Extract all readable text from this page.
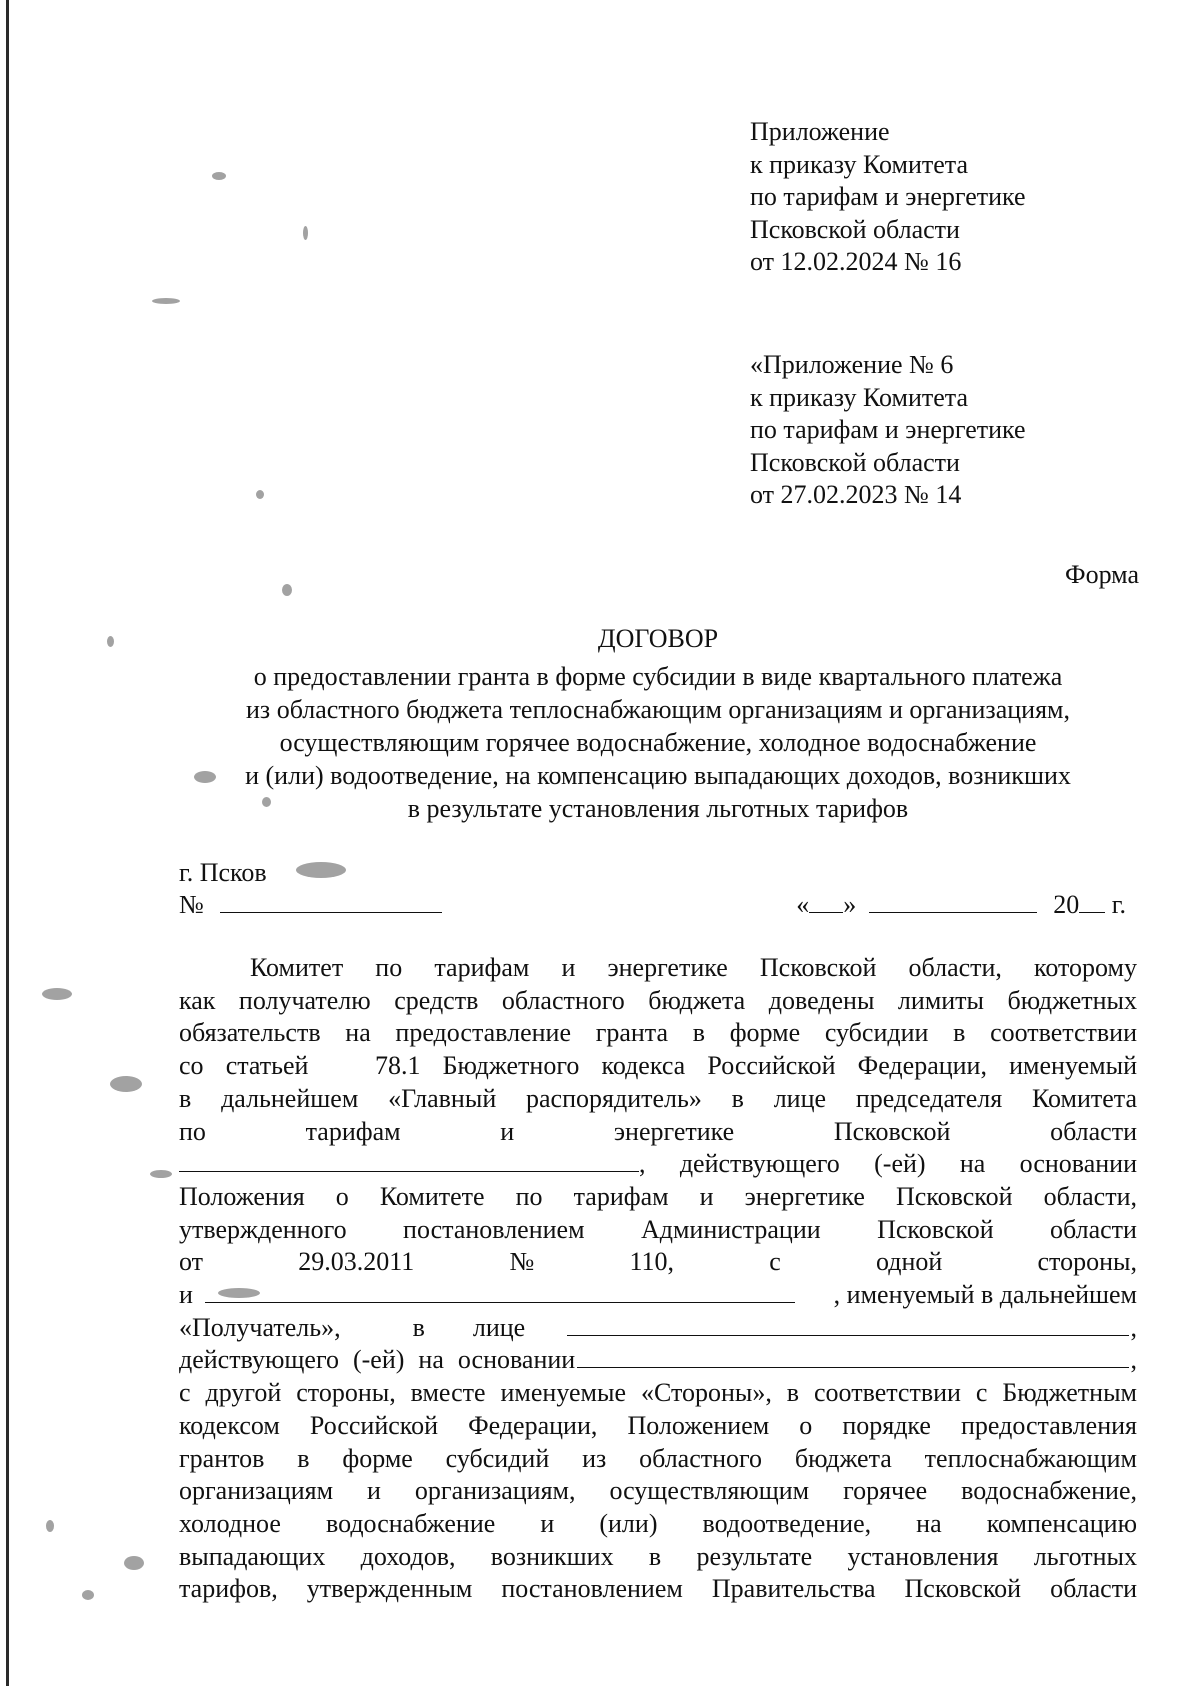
Приложение
к приказу Комитета
по тарифам и энергетике
Псковской области
от 12.02.2024 № 16
«Приложение № 6
к приказу Комитета
по тарифам и энергетике
Псковской области
от 27.02.2023 № 14
Форма
ДОГОВОР
о предоставлении гранта в форме субсидии в виде квартального платежа
из областного бюджета теплоснабжающим организациям и организациям,
осуществляющим горячее водоснабжение, холодное водоснабжение
и (или) водоотведение, на компенсацию выпадающих доходов, возникших
в результате установления льготных тарифов
г. Псков
№	« »	20 г.
Комитет по тарифам и энергетике Псковской области, которому
как получателю средств областного бюджета доведены лимиты бюджетных
обязательств на предоставление гранта в форме субсидии в соответствии
со статьей   78.1 Бюджетного кодекса Российской Федерации, именуемый
в дальнейшем «Главный распорядитель» в лице председателя Комитета
по	тарифам	и	энергетике	Псковской	области
, действующего (-ей) на основании
Положения о Комитете по тарифам и энергетике Псковской области,
утвержденного постановлением Администрации Псковской области
от	29.03.2011	№	110,	с	одной	стороны,
и	, именуемый в дальнейшем
«Получатель»,	в лице	,
действующего (-ей) на основании	,
с другой стороны, вместе именуемые «Стороны», в соответствии с Бюджетным
кодексом Российской Федерации, Положением о порядке предоставления
грантов в форме субсидий из областного бюджета теплоснабжающим
организациям и организациям, осуществляющим горячее водоснабжение,
холодное водоснабжение и (или) водоотведение, на компенсацию
выпадающих доходов, возникших в результате установления льготных
тарифов, утвержденным постановлением Правительства Псковской области
